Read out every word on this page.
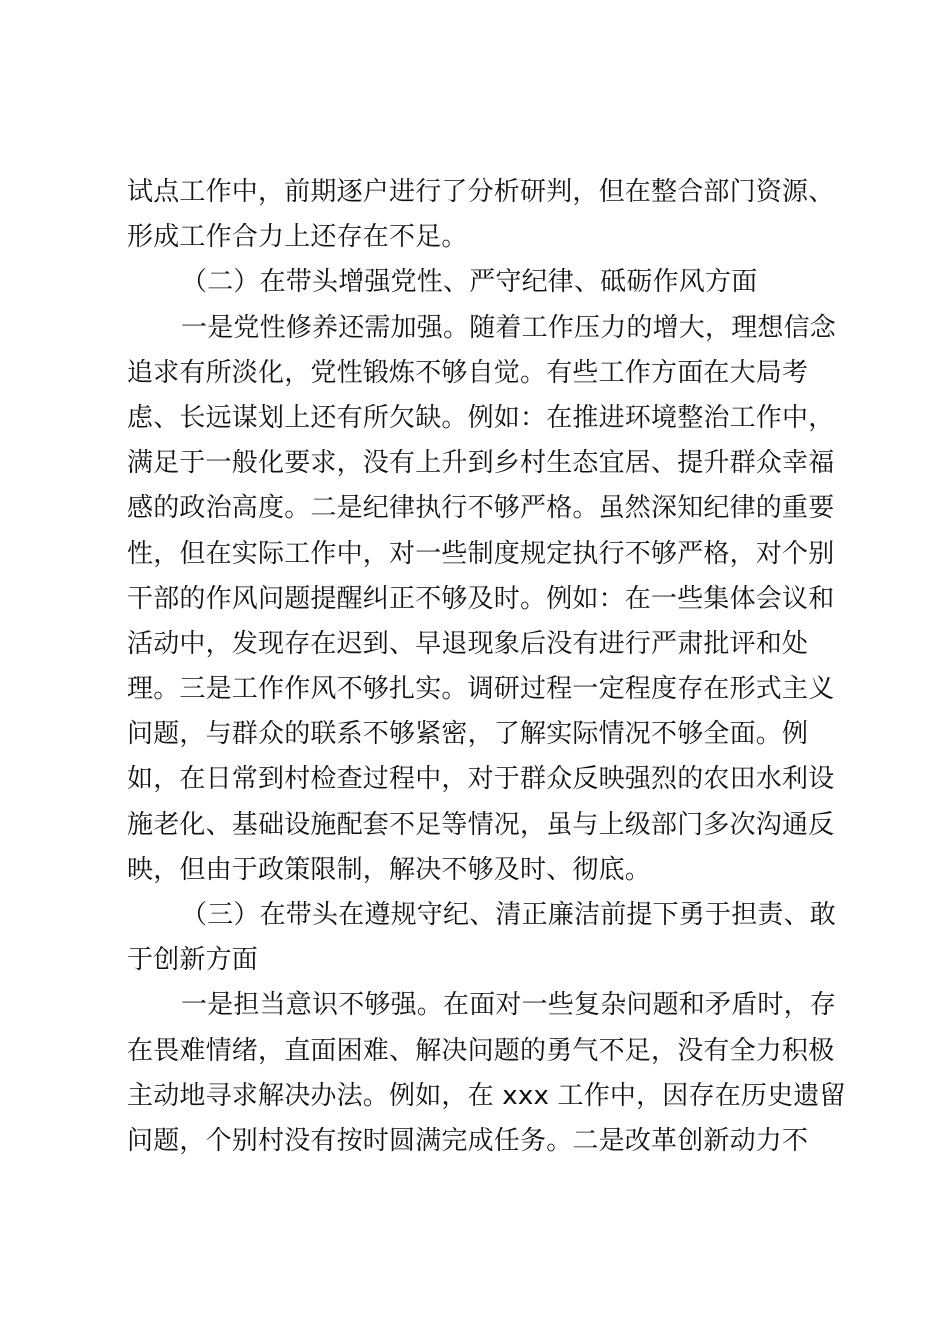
试点工作中，前期逐户进行了分析研判，但在整合部门资源、
形成工作合力上还存在不足。
（二）在带头增强党性、严守纪律、砥砺作风方面
一是党性修养还需加强。随着工作压力的增大，理想信念
追求有所淡化，党性锻炼不够自觉。有些工作方面在大局考
虑、长远谋划上还有所欠缺。例如：在推进环境整治工作中，
满足于一般化要求，没有上升到乡村生态宜居、提升群众幸福
感的政治高度。二是纪律执行不够严格。虽然深知纪律的重要
性，但在实际工作中，对一些制度规定执行不够严格，对个别
干部的作风问题提醒纠正不够及时。例如：在一些集体会议和
活动中，发现存在迟到、早退现象后没有进行严肃批评和处
理。三是工作作风不够扎实。调研过程一定程度存在形式主义
问题，与群众的联系不够紧密，了解实际情况不够全面。例
如，在日常到村检查过程中，对于群众反映强烈的农田水利设
施老化、基础设施配套不足等情况，虽与上级部门多次沟通反
映，但由于政策限制，解决不够及时、彻底。
（三）在带头在遵规守纪、清正廉洁前提下勇于担责、敢
于创新方面
一是担当意识不够强。在面对一些复杂问题和矛盾时，存
在畏难情绪，直面困难、解决问题的勇气不足，没有全力积极
主动地寻求解决办法。例如，在 xxx 工作中，因存在历史遗留
问题，个别村没有按时圆满完成任务。二是改革创新动力不
